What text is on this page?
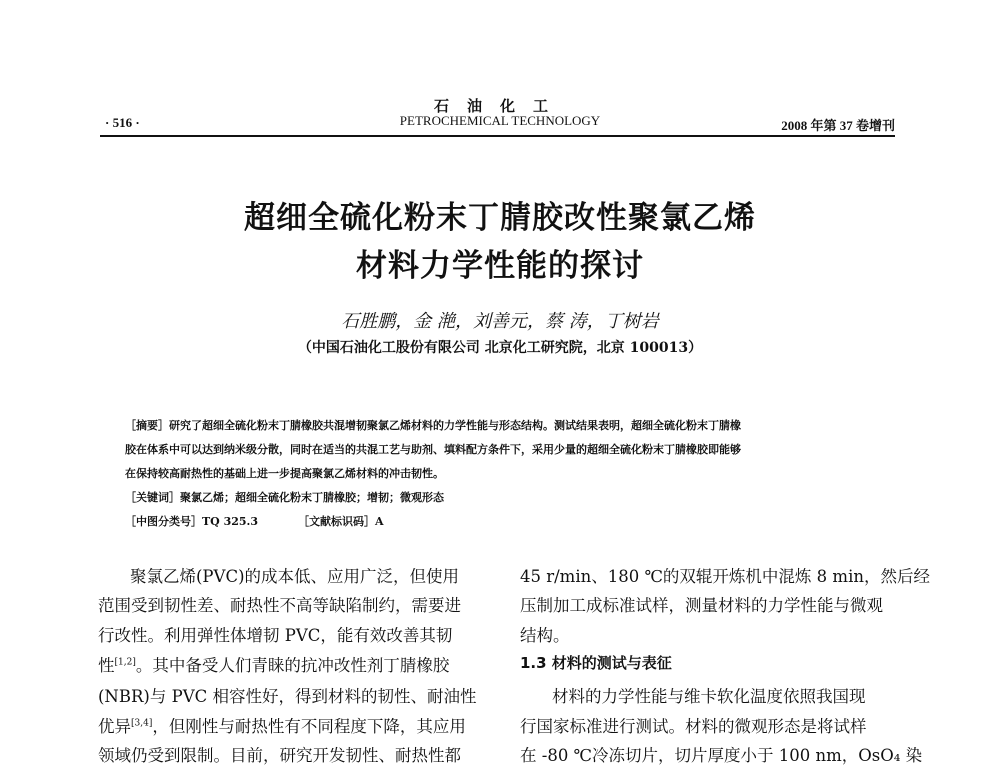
石油化工
PETROCHEMICAL TECHNOLOGY
· 516 ·	2008 年第 37 卷增刊
超细全硫化粉末丁腈胶改性聚氯乙烯
材料力学性能的探讨
石胜鹏，金 滟，刘善元，蔡 涛，丁树岩
（中国石油化工股份有限公司 北京化工研究院，北京 100013）
［摘要］研究了超细全硫化粉末丁腈橡胶共混增韧聚氯乙烯材料的力学性能与形态结构。测试结果表明，超细全硫化粉末丁腈橡
胶在体系中可以达到纳米级分散，同时在适当的共混工艺与助剂、填料配方条件下，采用少量的超细全硫化粉末丁腈橡胶即能够
在保持较高耐热性的基础上进一步提高聚氯乙烯材料的冲击韧性。
［关键词］聚氯乙烯；超细全硫化粉末丁腈橡胶；增韧；微观形态
［中图分类号］TQ 325.3	［文献标识码］A
聚氯乙烯(PVC)的成本低、应用广泛，但使用
范围受到韧性差、耐热性不高等缺陷制约，需要进
行改性。利用弹性体增韧 PVC，能有效改善其韧
性[1,2]。其中备受人们青睐的抗冲改性剂丁腈橡胶
(NBR)与 PVC 相容性好，得到材料的韧性、耐油性
优异[3,4]，但刚性与耐热性有不同程度下降，其应用
领域仍受到限制。目前，研究开发韧性、耐热性都
45 r/min、180 ℃的双辊开炼机中混炼 8 min，然后经
压制加工成标准试样，测量材料的力学性能与微观
结构。
1.3 材料的测试与表征
材料的力学性能与维卡软化温度依照我国现
行国家标准进行测试。材料的微观形态是将试样
在 -80 ℃冷冻切片，切片厚度小于 100 nm，OsO₄ 染
